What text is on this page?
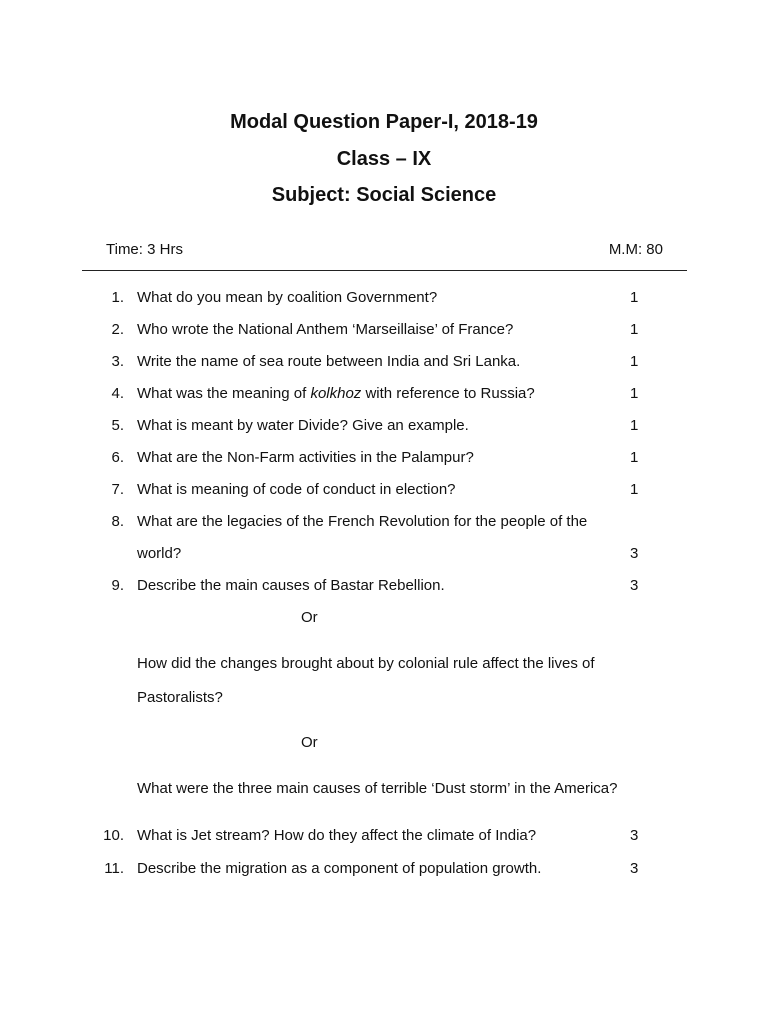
Modal Question Paper-I, 2018-19
Class – IX
Subject: Social Science
Time: 3 Hrs	M.M: 80
1. What do you mean by coalition Government?	1
2. Who wrote the National Anthem ‘Marseillaise’ of France?	1
3. Write the name of sea route between India and Sri Lanka.	1
4. What was the meaning of kolkhoz with reference to Russia?	1
5. What is meant by water Divide? Give an example.	1
6. What are the Non-Farm activities in the Palampur?	1
7. What is meaning of code of conduct in election?	1
8. What are the legacies of the French Revolution for the people of the
world?	3
9. Describe the main causes of Bastar Rebellion.	3
Or
How did the changes brought about by colonial rule affect the lives of
Pastoralists?
Or
What were the three main causes of terrible ‘Dust storm’ in the America?
10. What is Jet stream? How do they affect the climate of India?	3
11. Describe the migration as a component of population growth.	3
